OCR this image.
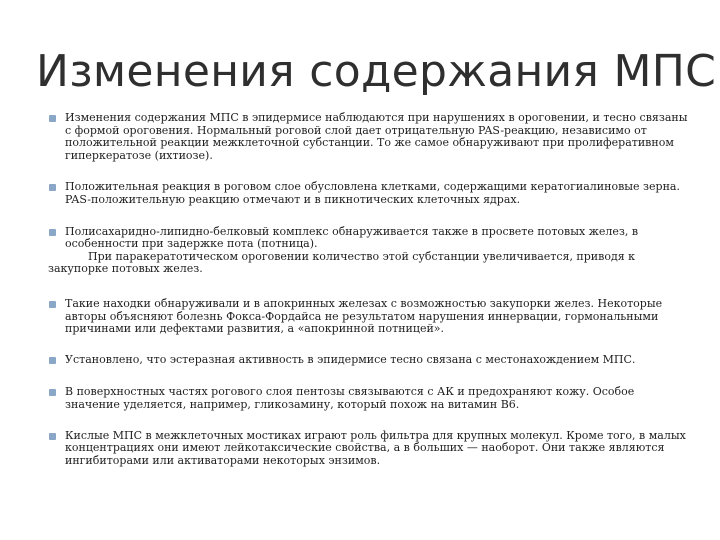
Изменения содержания МПС
Изменения содержания МПС в эпидермисе наблюдаются при нарушениях в ороговении, и тесно связаны с формой ороговения. Нормальный роговой слой дает отрицательную PAS-реакцию, независимо от положительной реакции межклеточной субстанции. То же самое обнаруживают при пролиферативном гиперкератозе (ихтиозе).
Положительная реакция в роговом слое обусловлена клетками, содержащими кератогиалиновые зерна. PAS-положительную реакцию отмечают и в пикнотических клеточных ядрах.
Полисахаридно-липидно-белковый комплекс обнаруживается также в просвете потовых желез, в особенности при задержке пота (потница).
При паракератотическом ороговении количество этой субстанции увеличивается, приводя к закупорке потовых желез.
Такие находки обнаруживали и в апокринных железах с возможностью закупорки желез. Некоторые авторы объясняют болезнь Фокса-Фордайса не результатом нарушения иннервации, гормональными причинами или дефектами развития, а «апокринной потницей».
Установлено, что эстеразная активность в эпидермисе тесно связана с местонахождением МПС.
В поверхностных частях рогового слоя пентозы связываются с АК и предохраняют кожу. Особое значение уделяется, например, гликозамину, который похож на витамин В6.
Кислые МПС в межклеточных мостиках играют роль фильтра для крупных молекул. Кроме того, в малых концентрациях они имеют лейкотаксические свойства, а в больших — наоборот. Они также являются ингибиторами или активаторами некоторых энзимов.
